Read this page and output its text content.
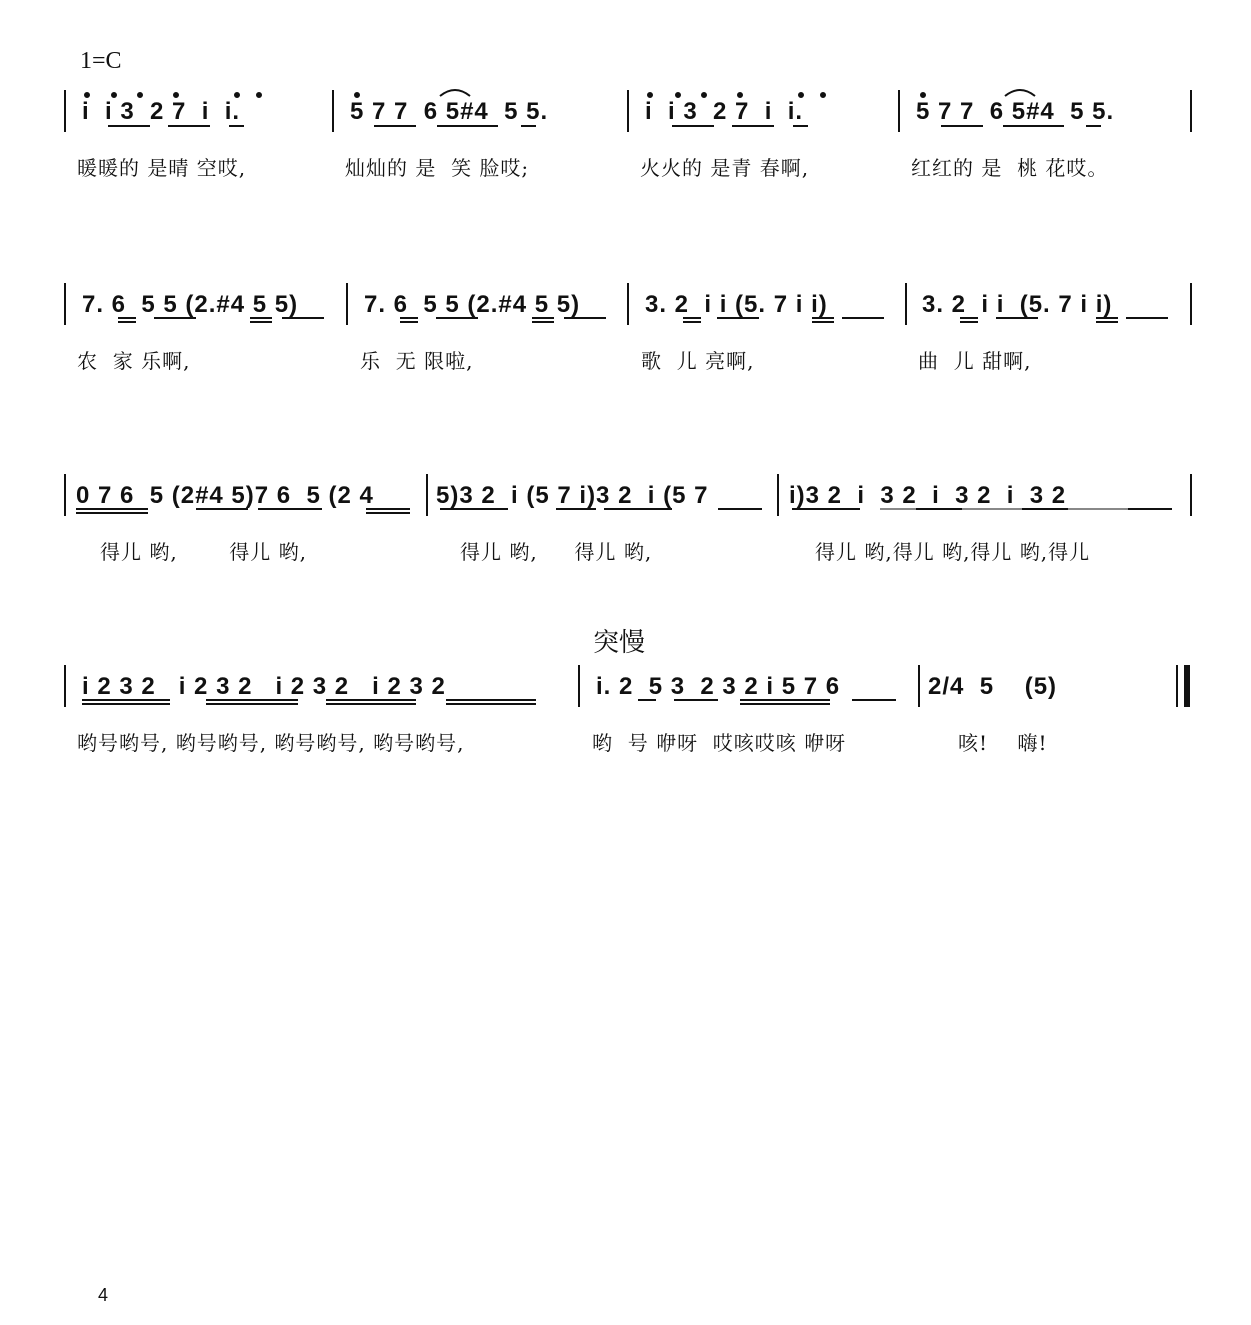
1=C
突慢
i  i 3  2 7  i  i.	5 7 7  6 5#4  5 5.	i  i 3  2 7  i  i.	5 7 7  6 5#4  5 5.
暖暖的 是晴 空哎,	灿灿的 是  笑 脸哎;	火火的 是青 春啊,	红红的 是  桃 花哎。
7. 6  5 5 (2.#4 5 5)	7. 6  5 5 (2.#4 5 5)	3. 2  i i (5. 7 i i)	3. 2  i i  (5. 7 i i)
农  家 乐啊,	乐  无 限啦,	歌  儿 亮啊,	曲  儿 甜啊,
0 7 6  5 (2#4 5)7 6  5 (2 4	5)3 2  i (5 7 i)3 2  i (5 7	i)3 2  i  3 2  i  3 2  i  3 2
得儿 哟,       得儿 哟,	得儿 哟,     得儿 哟,	得儿 哟,得儿 哟,得儿 哟,得儿
i 2 3 2   i 2 3 2   i 2 3 2   i 2 3 2	i. 2  5 3  2 3 2 i 5 7 6	2/4  5    (5)
哟号哟号, 哟号哟号, 哟号哟号, 哟号哟号,	哟  号 咿呀  哎咳哎咳 咿呀	咳!    嗨!
4
